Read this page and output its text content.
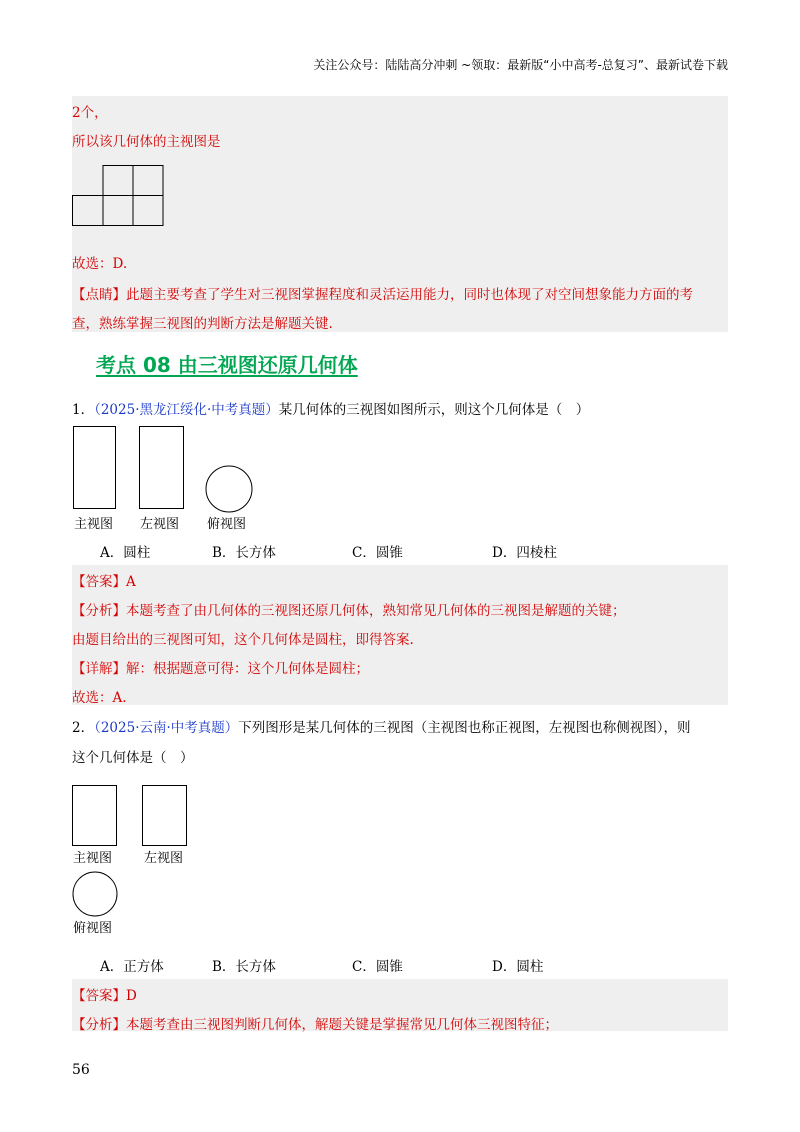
关注公众号：陆陆高分冲刺 ~领取：最新版“小中高考-总复习”、最新试卷下载
2个，
所以该几何体的主视图是
故选：D.
【点睛】此题主要考查了学生对三视图掌握程度和灵活运用能力，同时也体现了对空间想象能力方面的考
查，熟练掌握三视图的判断方法是解题关键.
考点 08 由三视图还原几何体
1．（2025·黑龙江绥化·中考真题）某几何体的三视图如图所示，则这个几何体是（　）
主视图 左视图 俯视图
A．圆柱	B．长方体	C．圆锥	D．四棱柱
【答案】A
【分析】本题考查了由几何体的三视图还原几何体，熟知常见几何体的三视图是解题的关键；
由题目给出的三视图可知，这个几何体是圆柱，即得答案.
【详解】解：根据题意可得：这个几何体是圆柱；
故选：A.
2．（2025·云南·中考真题）下列图形是某几何体的三视图（主视图也称正视图，左视图也称侧视图），则
这个几何体是（　）
主视图 左视图
俯视图
A．正方体	B．长方体	C．圆锥	D．圆柱
【答案】D
【分析】本题考查由三视图判断几何体，解题关键是掌握常见几何体三视图特征；
56
